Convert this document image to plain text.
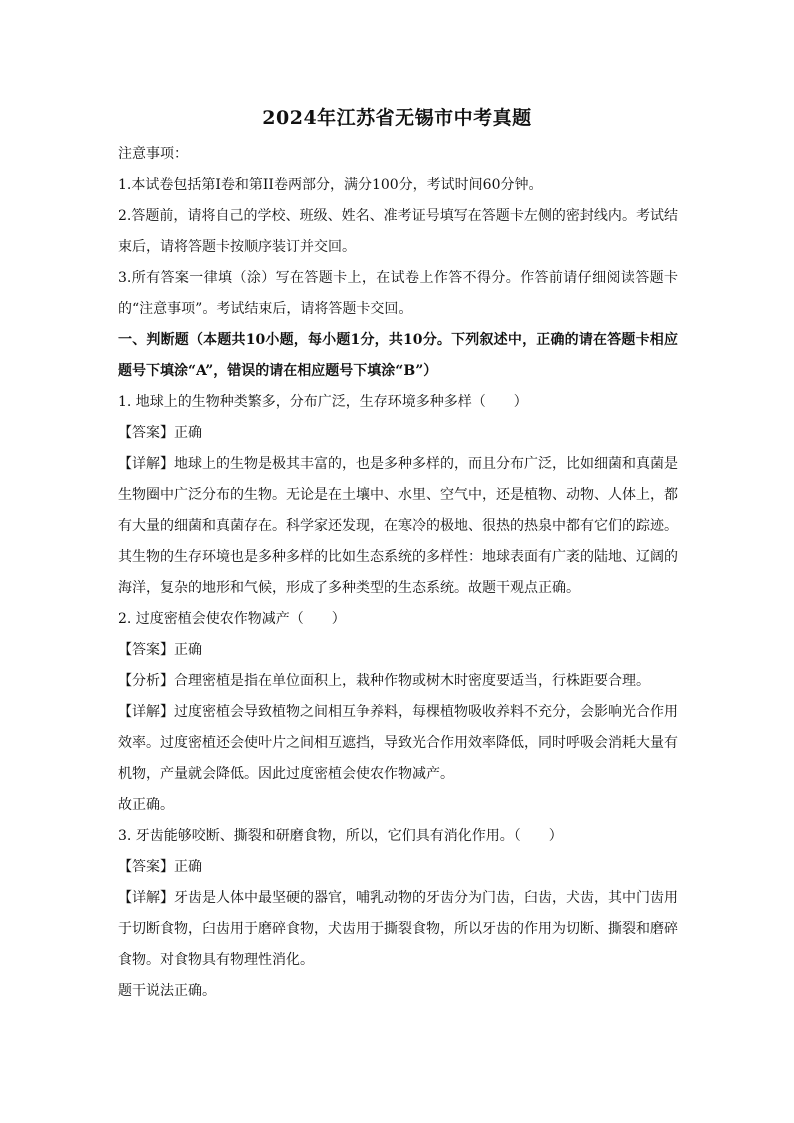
2024年江苏省无锡市中考真题

注意事项：

1.本试卷包括第I卷和第II卷两部分，满分100分，考试时间60分钟。

2.答题前，请将自己的学校、班级、姓名、准考证号填写在答题卡左侧的密封线内。考试结束后，请将答题卡按顺序装订并交回。

3.所有答案一律填（涂）写在答题卡上，在试卷上作答不得分。作答前请仔细阅读答题卡的“注意事项”。考试结束后，请将答题卡交回。

一、判断题（本题共10小题，每小题1分，共10分。下列叙述中，正确的请在答题卡相应题号下填涂“A”，错误的请在相应题号下填涂“B”）

1. 地球上的生物种类繁多，分布广泛，生存环境多种多样（　　）

【答案】正确

【详解】地球上的生物是极其丰富的，也是多种多样的，而且分布广泛，比如细菌和真菌是生物圈中广泛分布的生物。无论是在土壤中、水里、空气中，还是植物、动物、人体上，都有大量的细菌和真菌存在。科学家还发现，在寒冷的极地、很热的热泉中都有它们的踪迹。其生物的生存环境也是多种多样的比如生态系统的多样性：地球表面有广袤的陆地、辽阔的海洋，复杂的地形和气候，形成了多种类型的生态系统。故题干观点正确。

2. 过度密植会使农作物减产（　　）

【答案】正确

【分析】合理密植是指在单位面积上，栽种作物或树木时密度要适当，行株距要合理。

【详解】过度密植会导致植物之间相互争养料，每棵植物吸收养料不充分，会影响光合作用效率。过度密植还会使叶片之间相互遮挡，导致光合作用效率降低，同时呼吸会消耗大量有机物，产量就会降低。因此过度密植会使农作物减产。

故正确。

3. 牙齿能够咬断、撕裂和研磨食物，所以，它们具有消化作用。（　　）

【答案】正确

【详解】牙齿是人体中最坚硬的器官，哺乳动物的牙齿分为门齿，臼齿，犬齿，其中门齿用于切断食物，臼齿用于磨碎食物，犬齿用于撕裂食物，所以牙齿的作用为切断、撕裂和磨碎食物。对食物具有物理性消化。

题干说法正确。
